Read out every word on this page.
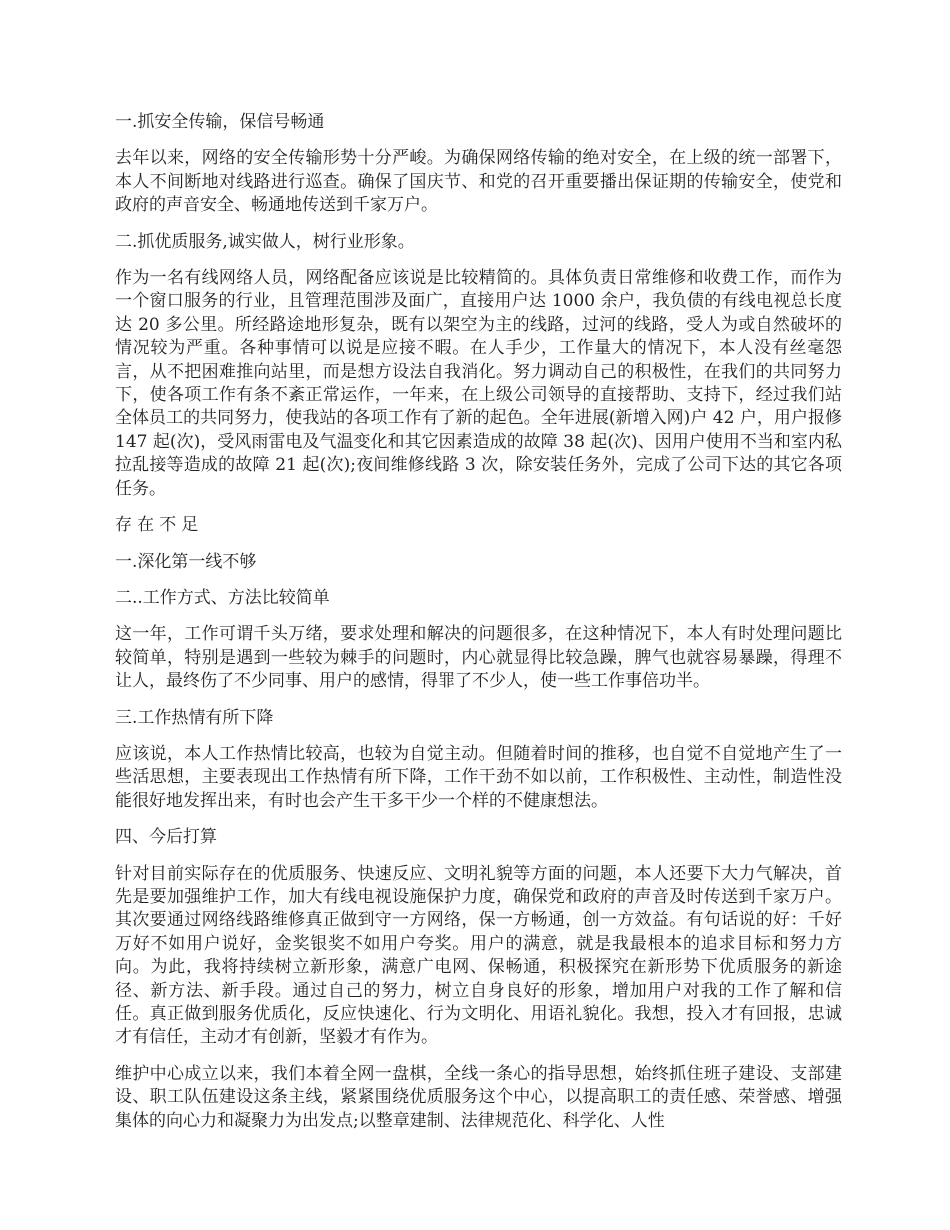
一.抓安全传输，保信号畅通

去年以来，网络的安全传输形势十分严峻。为确保网络传输的绝对安全，在上级的统一部署下，本人不间断地对线路进行巡查。确保了国庆节、和党的召开重要播出保证期的传输安全，使党和政府的声音安全、畅通地传送到千家万户。

二.抓优质服务,诚实做人，树行业形象。

作为一名有线网络人员，网络配备应该说是比较精简的。具体负责日常维修和收费工作，而作为一个窗口服务的行业，且管理范围涉及面广，直接用户达 1000 余户，我负债的有线电视总长度达 20 多公里。所经路途地形复杂，既有以架空为主的线路，过河的线路，受人为或自然破坏的情况较为严重。各种事情可以说是应接不暇。在人手少，工作量大的情况下，本人没有丝毫怨言，从不把困难推向站里，而是想方设法自我消化。努力调动自己的积极性，在我们的共同努力下，使各项工作有条不紊正常运作，一年来，在上级公司领导的直接帮助、支持下，经过我们站全体员工的共同努力，使我站的各项工作有了新的起色。全年进展(新增入网)户 42 户，用户报修 147 起(次)，受风雨雷电及气温变化和其它因素造成的故障 38 起(次)、因用户使用不当和室内私拉乱接等造成的故障 21 起(次);夜间维修线路 3 次，除安装任务外，完成了公司下达的其它各项任务。

存在不足

一.深化第一线不够

二..工作方式、方法比较简单

这一年，工作可谓千头万绪，要求处理和解决的问题很多，在这种情况下，本人有时处理问题比较简单，特别是遇到一些较为棘手的问题时，内心就显得比较急躁，脾气也就容易暴躁，得理不让人，最终伤了不少同事、用户的感情，得罪了不少人，使一些工作事倍功半。

三.工作热情有所下降

应该说，本人工作热情比较高，也较为自觉主动。但随着时间的推移，也自觉不自觉地产生了一些活思想，主要表现出工作热情有所下降，工作干劲不如以前，工作积极性、主动性，制造性没能很好地发挥出来，有时也会产生干多干少一个样的不健康想法。

四、今后打算

针对目前实际存在的优质服务、快速反应、文明礼貌等方面的问题，本人还要下大力气解决，首先是要加强维护工作，加大有线电视设施保护力度，确保党和政府的声音及时传送到千家万户。其次要通过网络线路维修真正做到守一方网络，保一方畅通，创一方效益。有句话说的好：千好万好不如用户说好，金奖银奖不如用户夸奖。用户的满意，就是我最根本的追求目标和努力方向。为此，我将持续树立新形象，满意广电网、保畅通，积极探究在新形势下优质服务的新途径、新方法、新手段。通过自己的努力，树立自身良好的形象，增加用户对我的工作了解和信任。真正做到服务优质化，反应快速化、行为文明化、用语礼貌化。我想，投入才有回报，忠诚才有信任，主动才有创新，坚毅才有作为。

维护中心成立以来，我们本着全网一盘棋，全线一条心的指导思想，始终抓住班子建设、支部建设、职工队伍建设这条主线，紧紧围绕优质服务这个中心，以提高职工的责任感、荣誉感、增强集体的向心力和凝聚力为出发点;以整章建制、法律规范化、科学化、人性
